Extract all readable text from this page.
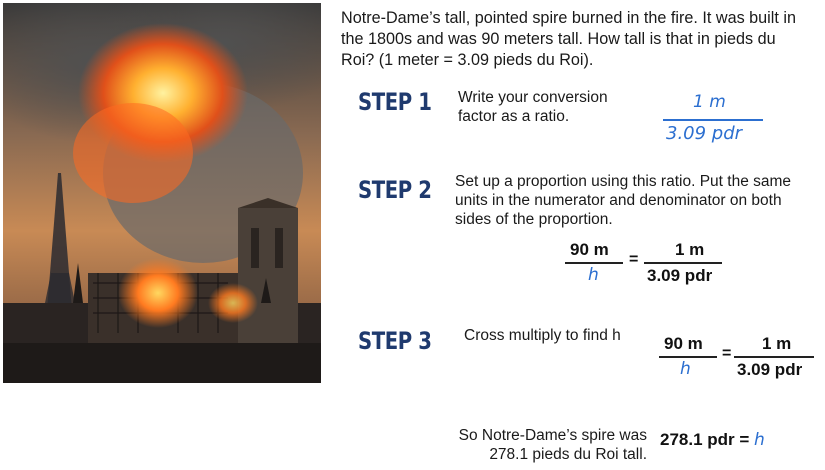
Notre-Dame’s tall, pointed spire burned in the fire. It was built in the 1800s and was 90 meters tall. How tall is that in pieds du Roi? (1 meter = 3.09 pieds du Roi).
STEP 1 Write your conversion factor as a ratio.
1 m
3.09 pdr
STEP 2 Set up a proportion using this ratio. Put the same units in the numerator and denominator on both sides of the proportion.
90 m
h
=
1 m
3.09 pdr
STEP 3 Cross multiply to find h	90 m
h
=
1 m
3.09 pdr
So Notre-Dame’s spire was 278.1 pieds du Roi tall.
278.1 pdr = h
